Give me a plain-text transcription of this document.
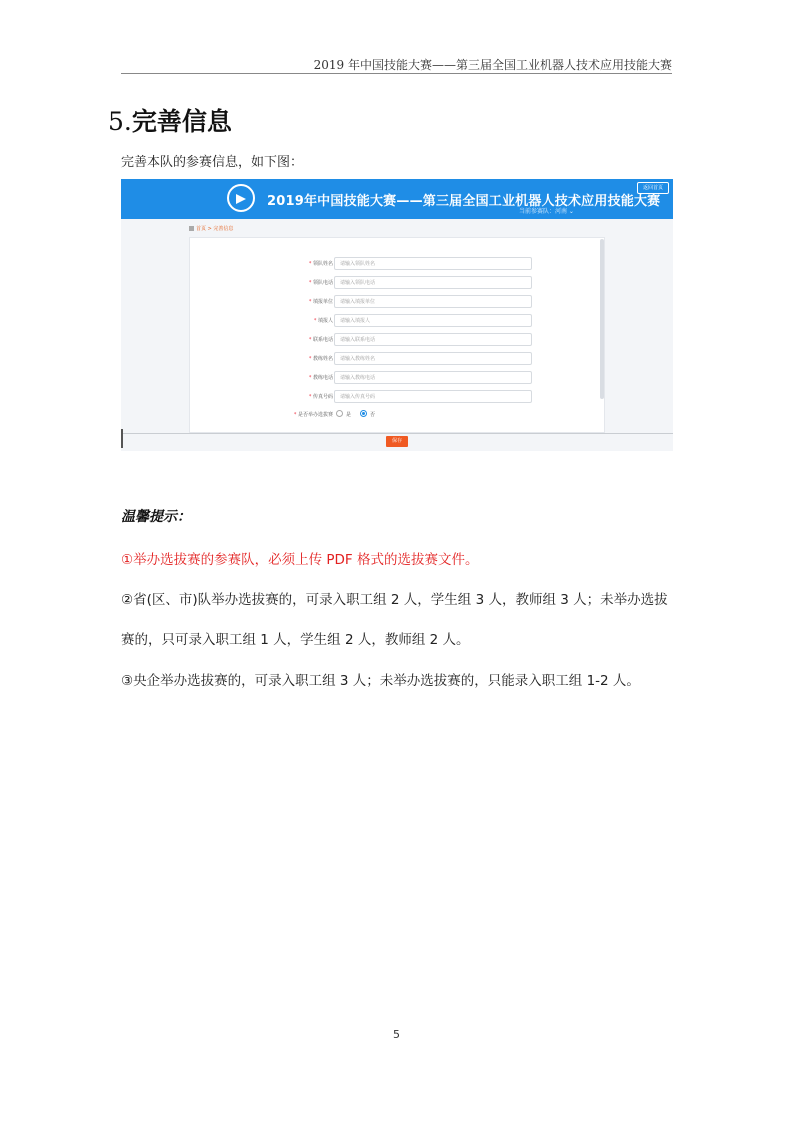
2019 年中国技能大赛——第三届全国工业机器人技术应用技能大赛
5.完善信息
完善本队的参赛信息，如下图：
2019年中国技能大赛——第三届全国工业机器人技术应用技能大赛
当前参赛队：河南 ⌄
返回首页
首页 > 完善信息
* 领队姓名	请输入领队姓名
* 领队电话	请输入领队电话
* 填报单位	请输入填报单位
* 填报人	请输入填报人
* 联系电话	请输入联系电话
* 教练姓名	请输入教练姓名
* 教练电话	请输入教练电话
* 传真号码	请输入传真号码
* 是否举办选拔赛	是	否
保存
温馨提示：
①举办选拔赛的参赛队，必须上传 PDF 格式的选拔赛文件。
②省(区、市)队举办选拔赛的，可录入职工组 2 人，学生组 3 人，教师组 3 人；未举办选拔
赛的，只可录入职工组 1 人，学生组 2 人，教师组 2 人。
③央企举办选拔赛的，可录入职工组 3 人；未举办选拔赛的，只能录入职工组 1-2 人。
5
